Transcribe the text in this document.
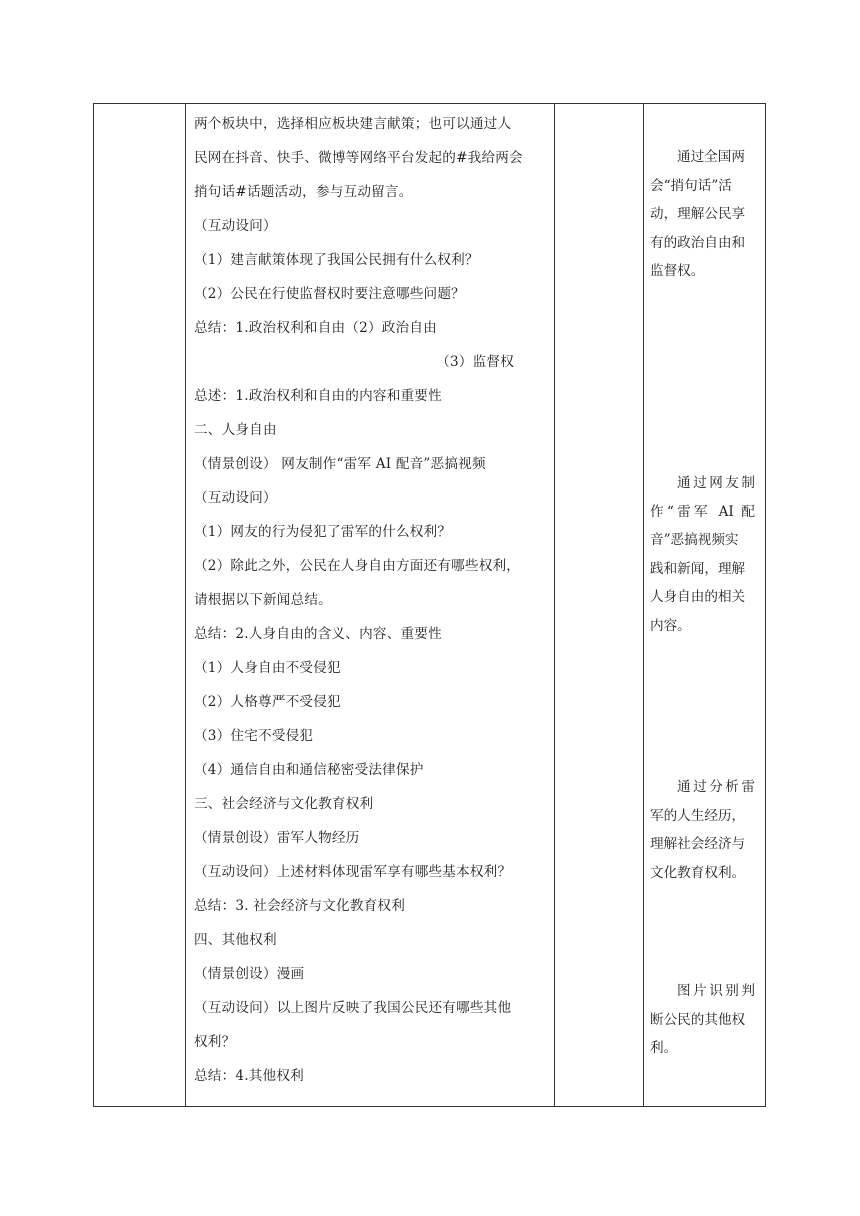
两个板块中，选择相应板块建言献策；也可以通过人
民网在抖音、快手、微博等网络平台发起的#我给两会
捎句话#话题活动，参与互动留言。
（互动设问）
（1）建言献策体现了我国公民拥有什么权利？
（2）公民在行使监督权时要注意哪些问题？
总结：1.政治权利和自由（2）政治自由
（3）监督权
总述：1.政治权利和自由的内容和重要性
二、人身自由
（情景创设） 网友制作“雷军 AI 配音”恶搞视频
（互动设问）
（1）网友的行为侵犯了雷军的什么权利？
（2）除此之外，公民在人身自由方面还有哪些权利，
请根据以下新闻总结。
总结：2.人身自由的含义、内容、重要性
（1）人身自由不受侵犯
（2）人格尊严不受侵犯
（3）住宅不受侵犯
（4）通信自由和通信秘密受法律保护
三、社会经济与文化教育权利
（情景创设）雷军人物经历
（互动设问）上述材料体现雷军享有哪些基本权利？
总结：3. 社会经济与文化教育权利
四、其他权利
（情景创设）漫画
（互动设问）以上图片反映了我国公民还有哪些其他
权利？
总结：4.其他权利

通过全国两

会“捎句话”活

动，理解公民享

有的政治自由和

监督权。

通过网友制

作“雷军 AI 配

音”恶搞视频实

践和新闻，理解

人身自由的相关

内容。

通过分析雷

军的人生经历，

理解社会经济与

文化教育权利。

图片识别判

断公民的其他权

利。
